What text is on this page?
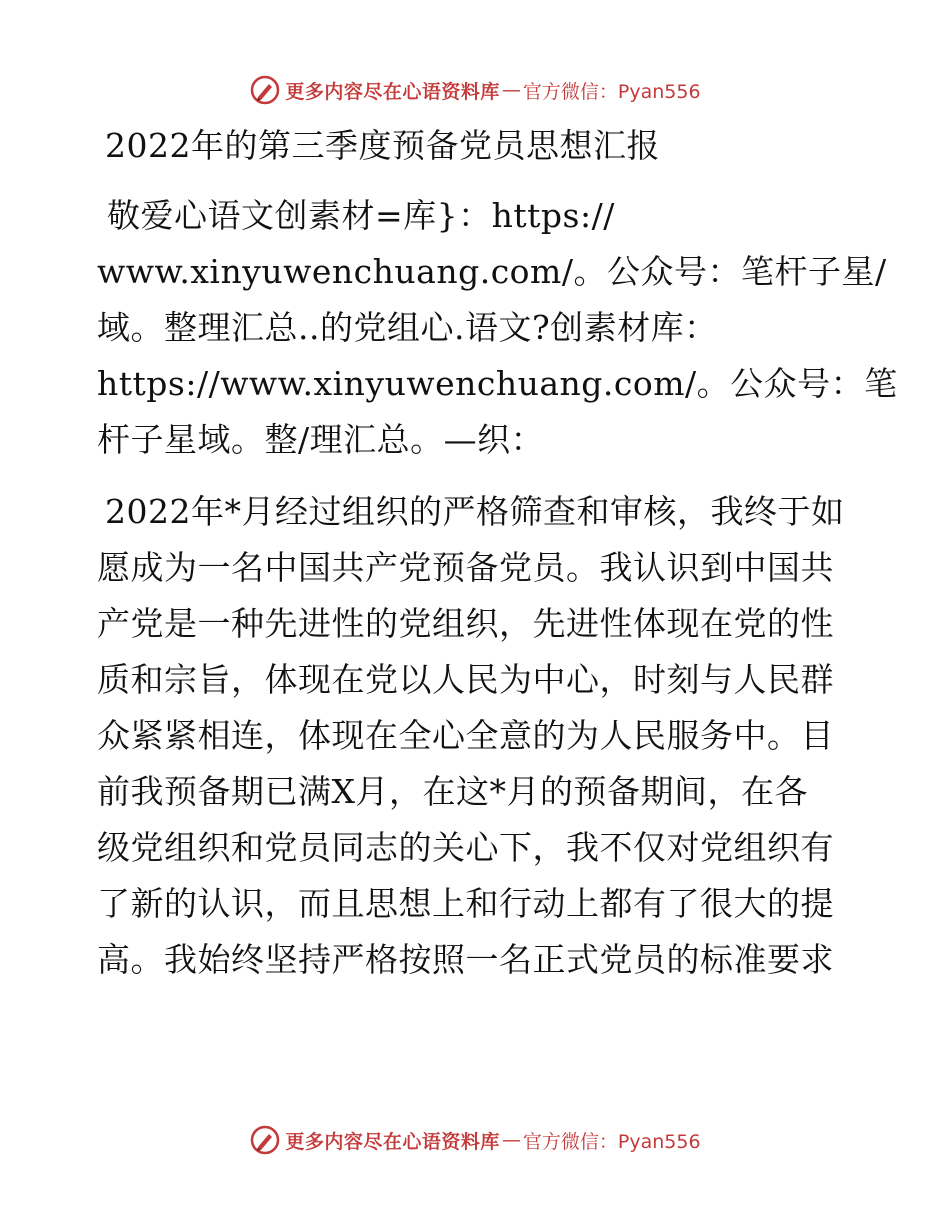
更多内容尽在心语资料库 — 官方微信：Pyan556
2022年的第三季度预备党员思想汇报
敬爱心语文创素材=库}：https://
www.xinyuwenchuang.com/。公众号：笔杆子星/
域。整理汇总..的党组心.语文?创素材库：
https://www.xinyuwenchuang.com/。公众号：笔
杆子星域。整/理汇总。—织：
2022年*月经过组织的严格筛查和审核，我终于如
愿成为一名中国共产党预备党员。我认识到中国共
产党是一种先进性的党组织，先进性体现在党的性
质和宗旨，体现在党以人民为中心，时刻与人民群
众紧紧相连，体现在全心全意的为人民服务中。目
前我预备期已满X月，在这*月的预备期间，在各
级党组织和党员同志的关心下，我不仅对党组织有
了新的认识，而且思想上和行动上都有了很大的提
高。我始终坚持严格按照一名正式党员的标准要求
更多内容尽在心语资料库 — 官方微信：Pyan556
